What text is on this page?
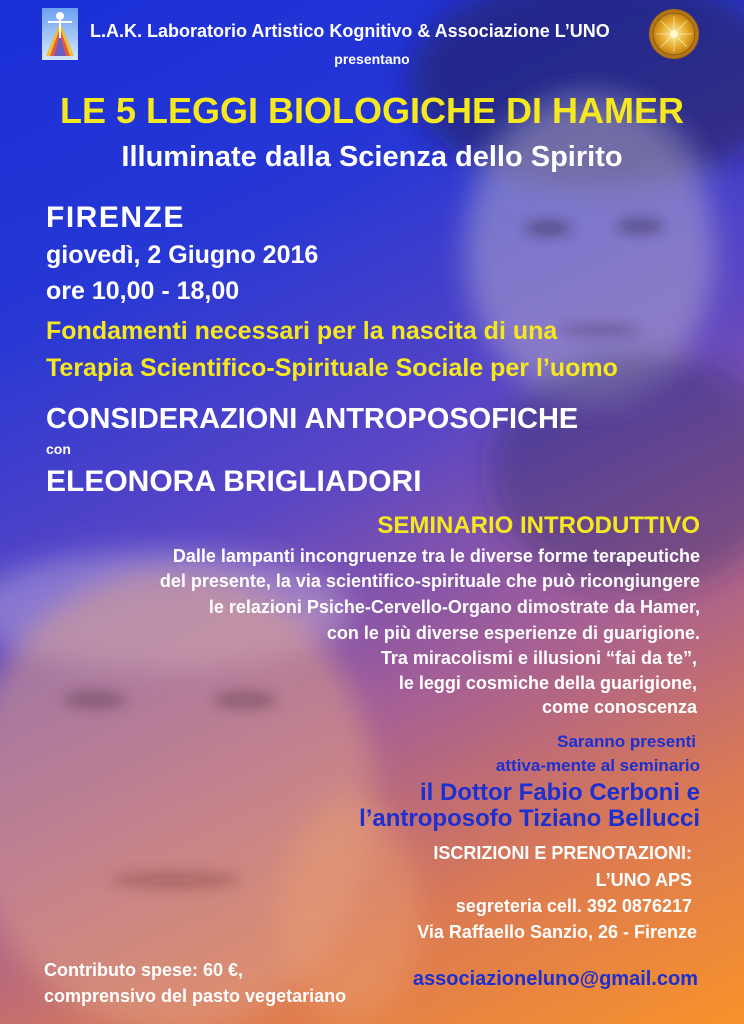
L.A.K. Laboratorio Artistico Kognitivo & Associazione L’UNO
presentano
LE 5 LEGGI BIOLOGICHE DI HAMER
Illuminate dalla Scienza dello Spirito
FIRENZE
giovedì, 2 Giugno 2016
ore 10,00 - 18,00
Fondamenti necessari per la nascita di una
Terapia Scientifico-Spirituale Sociale per l’uomo
CONSIDERAZIONI ANTROPOSOFICHE
con
ELEONORA BRIGLIADORI
SEMINARIO INTRODUTTIVO
Dalle lampanti incongruenze tra le diverse forme terapeutiche
del presente, la via scientifico-spirituale che può ricongiungere
le relazioni Psiche-Cervello-Organo dimostrate da Hamer,
con le più diverse esperienze di guarigione.
Tra miracolismi e illusioni “fai da te”,
le leggi cosmiche della guarigione,
come conoscenza
Saranno presenti
attiva-mente al seminario
il Dottor Fabio Cerboni e
l’antroposofo Tiziano Bellucci
ISCRIZIONI E PRENOTAZIONI:
L’UNO APS
segreteria cell. 392 0876217
Via Raffaello Sanzio, 26 - Firenze
associazioneluno@gmail.com
Contributo spese: 60 €,
comprensivo del pasto vegetariano
